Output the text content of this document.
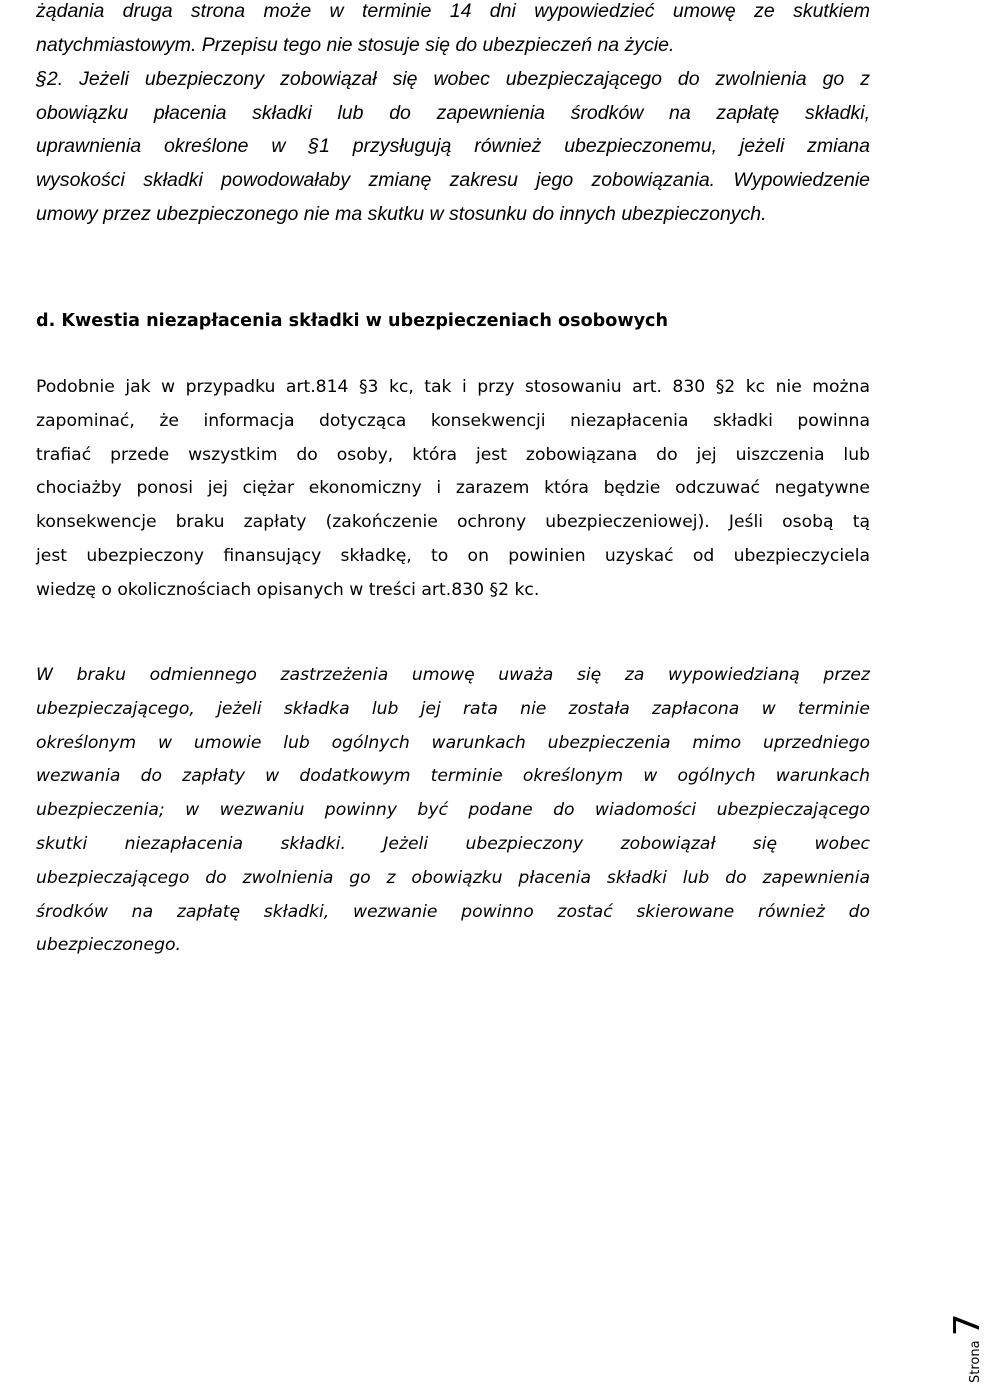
żądania druga strona może w terminie 14 dni wypowiedzieć umowę ze skutkiem
natychmiastowym. Przepisu tego nie stosuje się do ubezpieczeń na życie.
§2. Jeżeli ubezpieczony zobowiązał się wobec ubezpieczającego do zwolnienia go z
obowiązku płacenia składki lub do zapewnienia środków na zapłatę składki,
uprawnienia określone w §1 przysługują również ubezpieczonemu, jeżeli zmiana
wysokości składki powodowałaby zmianę zakresu jego zobowiązania. Wypowiedzenie
umowy przez ubezpieczonego nie ma skutku w stosunku do innych ubezpieczonych.
d. Kwestia niezapłacenia składki w ubezpieczeniach osobowych
Podobnie jak w przypadku art.814 §3 kc, tak i przy stosowaniu art. 830 §2 kc nie można
zapominać, że informacja dotycząca konsekwencji niezapłacenia składki powinna
trafiać przede wszystkim do osoby, która jest zobowiązana do jej uiszczenia lub
chociażby ponosi jej ciężar ekonomiczny i zarazem która będzie odczuwać negatywne
konsekwencje braku zapłaty (zakończenie ochrony ubezpieczeniowej). Jeśli osobą tą
jest ubezpieczony finansujący składkę, to on powinien uzyskać od ubezpieczyciela
wiedzę o okolicznościach opisanych w treści art.830 §2 kc.
W braku odmiennego zastrzeżenia umowę uważa się za wypowiedzianą przez
ubezpieczającego, jeżeli składka lub jej rata nie została zapłacona w terminie
określonym w umowie lub ogólnych warunkach ubezpieczenia mimo uprzedniego
wezwania do zapłaty w dodatkowym terminie określonym w ogólnych warunkach
ubezpieczenia; w wezwaniu powinny być podane do wiadomości ubezpieczającego
skutki niezapłacenia składki. Jeżeli ubezpieczony zobowiązał się wobec
ubezpieczającego do zwolnienia go z obowiązku płacenia składki lub do zapewnienia
środków na zapłatę składki, wezwanie powinno zostać skierowane również do
ubezpieczonego.
Strona
7
